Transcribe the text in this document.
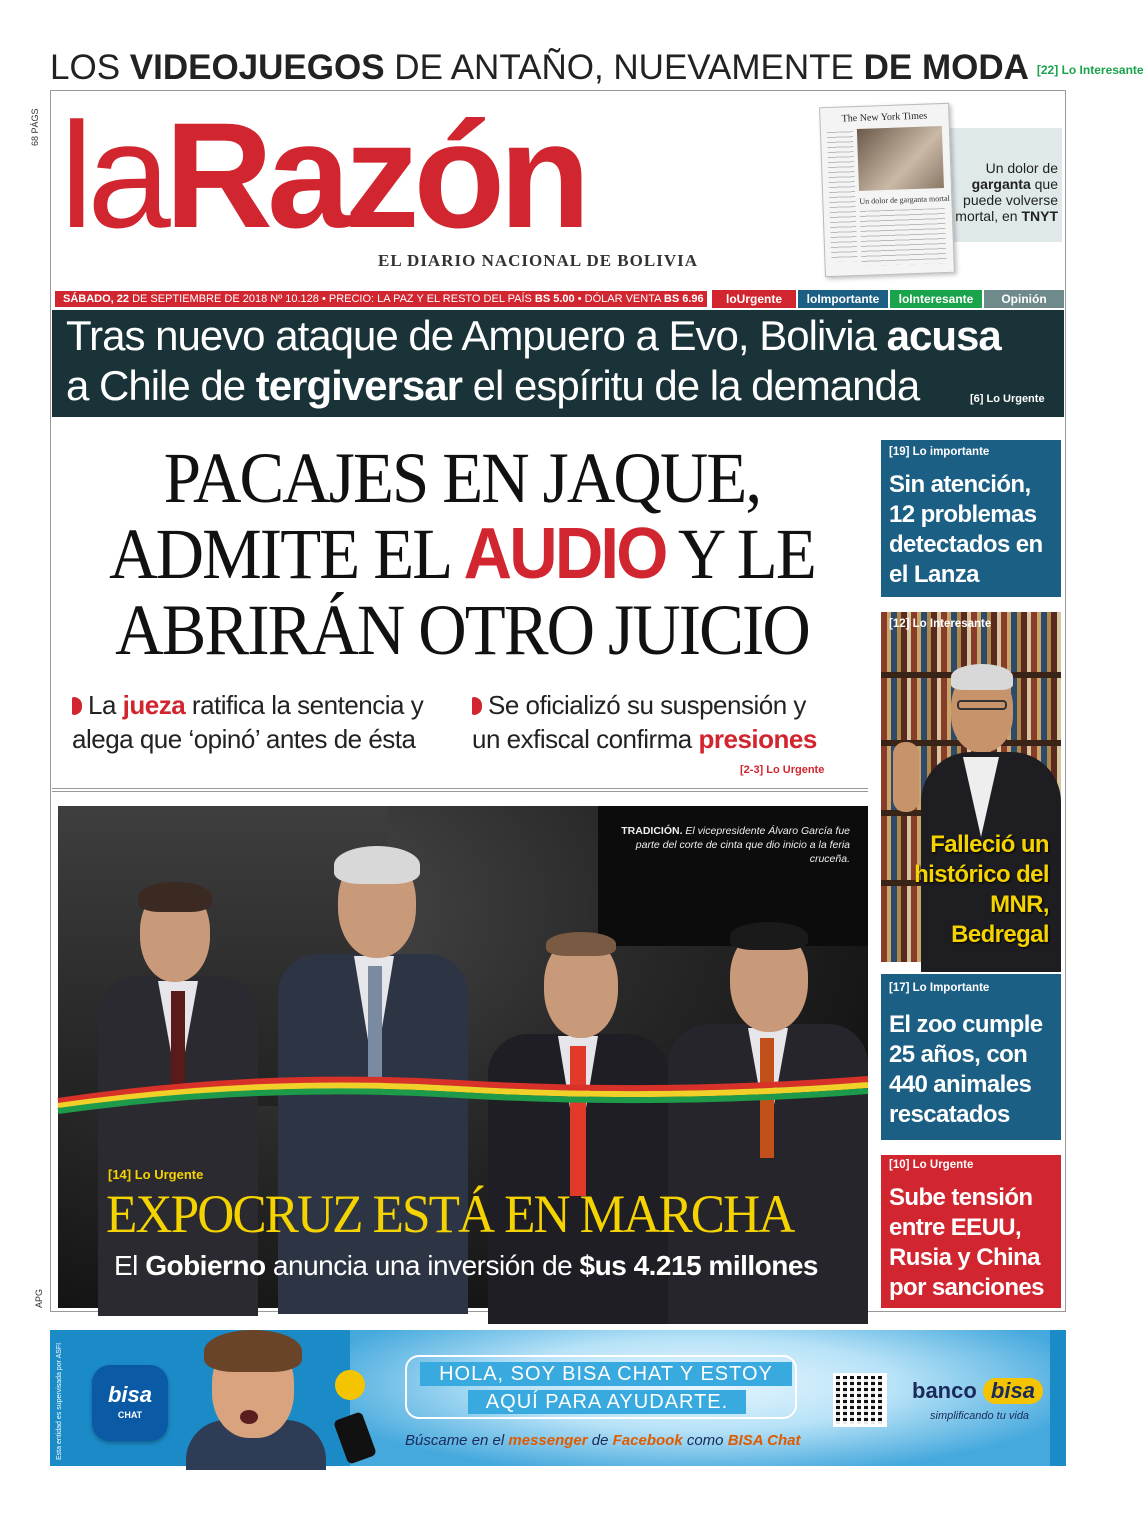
LOS VIDEOJUEGOS DE ANTAÑO, NUEVAMENTE DE MODA [22] Lo Interesante
68 PÁGS
APG
laRazón
EL DIARIO NACIONAL DE BOLIVIA
The New York Times
Un dolor de garganta mortal
Un dolor de garganta que puede volverse mortal, en TNYT
SÁBADO, 22 DE SEPTIEMBRE DE 2018 Nº 10.128 • PRECIO: LA PAZ Y EL RESTO DEL PAÍS BS 5.00 • DÓLAR VENTA BS 6.96	loUrgente	loImportante	loInteresante	Opinión
Tras nuevo ataque de Ampuero a Evo, Bolivia acusa
a Chile de tergiversar el espíritu de la demanda	[6] Lo Urgente
PACAJES EN JAQUE,
ADMITE EL AUDIO Y LE
ABRIRÁN OTRO JUICIO
La jueza ratifica la sentencia y
alega que ‘opinó’ antes de ésta
Se oficializó su suspensión y
un exfiscal confirma presiones
[2-3] Lo Urgente
TRADICIÓN. El vicepresidente Álvaro García fue parte del corte de cinta que dio inicio a la feria cruceña.
[14] Lo Urgente
EXPOCRUZ ESTÁ EN MARCHA
El Gobierno anuncia una inversión de $us 4.215 millones
[19] Lo importante
Sin atención, 12 problemas detectados en el Lanza
[12] Lo Interesante
Falleció un histórico del MNR, Bedregal
[17] Lo Importante
El zoo cumple 25 años, con 440 animales rescatados
[10] Lo Urgente
Sube tensión entre EEUU, Rusia y China por sanciones
Esta entidad es supervisada por ASFI	bisa
CHAT
HOLA, SOY BISA CHAT Y ESTOY
AQUÍ PARA AYUDARTE.
Búscame en el messenger de Facebook como BISA Chat
banco bisa
simplificando tu vida
